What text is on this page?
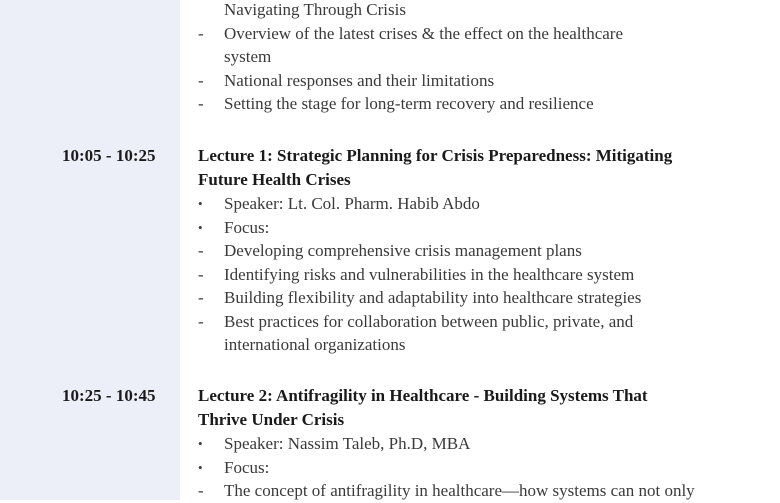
Navigating Through Crisis
-	Overview of the latest crises & the effect on the healthcare
system
-	National responses and their limitations
-	Setting the stage for long-term recovery and resilience
10:05 - 10:25	Lecture 1: Strategic Planning for Crisis Preparedness: Mitigating
Future Health Crises
•	Speaker: Lt. Col. Pharm. Habib Abdo
•	Focus:
-	Developing comprehensive crisis management plans
-	Identifying risks and vulnerabilities in the healthcare system
-	Building flexibility and adaptability into healthcare strategies
-	Best practices for collaboration between public, private, and
international organizations
10:25 - 10:45	Lecture 2: Antifragility in Healthcare - Building Systems That
Thrive Under Crisis
•	Speaker: Nassim Taleb, Ph.D, MBA
•	Focus:
-	The concept of antifragility in healthcare—how systems can not only
